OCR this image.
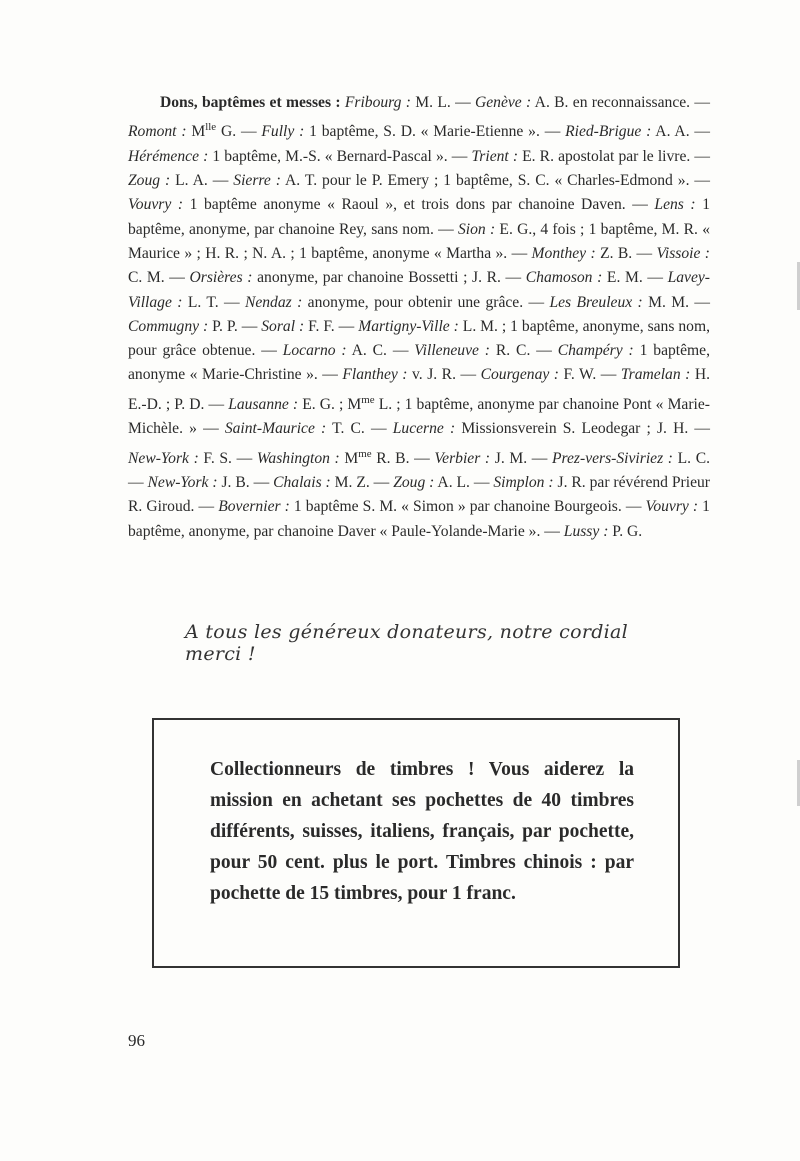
Dons, baptêmes et messes : Fribourg : M. L. — Genève : A. B. en reconnaissance. — Romont : $M^{lle}$ G. — Fully : 1 baptême, S. D. « Marie-Etienne ». — Ried-Brigue : A. A. — Hérémence : 1 baptême, M.-S. « Bernard-Pascal ». — Trient : E. R. apostolat par le livre. — Zoug : L. A. — Sierre : A. T. pour le P. Emery ; 1 baptême, S. C. « Charles-Edmond ». — Vouvry : 1 baptême anonyme « Raoul », et trois dons par chanoine Daven. — Lens : 1 baptême, anonyme, par chanoine Rey, sans nom. — Sion : E. G., 4 fois ; 1 baptême, M. R. « Maurice » ; H. R. ; N. A. ; 1 baptême, anonyme « Martha ». — Monthey : Z. B. — Vissoie : C. M. — Orsières : anonyme, par chanoine Bossetti ; J. R. — Chamoson : E. M. — Lavey-Village : L. T. — Nendaz : anonyme, pour obtenir une grâce. — Les Breuleux : M. M. — Commugny : P. P. — Soral : F. F. — Martigny-Ville : L. M. ; 1 baptême, anonyme, sans nom, pour grâce obtenue. — Locarno : A. C. — Villeneuve : R. C. — Champéry : 1 baptême, anonyme « Marie-Christine ». — Flanthey : v. J. R. — Courgenay : F. W. — Tramelan : H. E.-D. ; P. D. — Lausanne : E. G. ; $M^{me}$ L. ; 1 baptême, anonyme par chanoine Pont « Marie-Michèle. » — Saint-Maurice : T. C. — Lucerne : Missionsverein S. Leodegar ; J. H. — New-York : F. S. — Washington : $M^{me}$ R. B. — Verbier : J. M. — Prez-vers-Siviriez : L. C. — New-York : J. B. — Chalais : M. Z. — Zoug : A. L. — Simplon : J. R. par révérend Prieur R. Giroud. — Bovernier : 1 baptême S. M. « Simon » par chanoine Bourgeois. — Vouvry : 1 baptême, anonyme, par chanoine Daver « Paule-Yolande-Marie ». — Lussy : P. G.

A tous les généreux donateurs, notre cordial merci !

Collectionneurs de timbres ! Vous aiderez la mission en achetant ses pochettes de 40 timbres différents, suisses, italiens, français, par pochette, pour 50 cent. plus le port. Timbres chinois : par pochette de 15 timbres, pour 1 franc.

96
